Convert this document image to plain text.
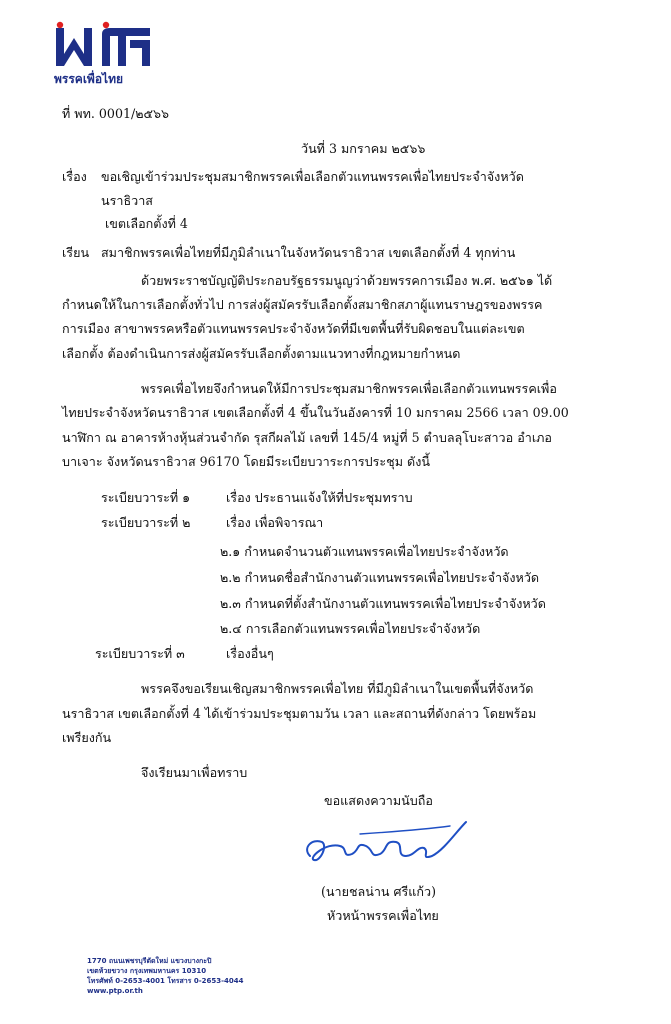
พรรคเพื่อไทย
ที่ พท. 0001/๒๕๖๖
วันที่ 3 มกราคม ๒๕๖๖
เรื่อง ขอเชิญเข้าร่วมประชุมสมาชิกพรรคเพื่อเลือกตัวแทนพรรคเพื่อไทยประจำจังหวัด
นราธิวาส
เขตเลือกตั้งที่ 4
เรียน สมาชิกพรรคเพื่อไทยที่มีภูมิลำเนาในจังหวัดนราธิวาส เขตเลือกตั้งที่ 4 ทุกท่าน
ด้วยพระราชบัญญัติประกอบรัฐธรรมนูญว่าด้วยพรรคการเมือง พ.ศ. ๒๕๖๑ ได้
กำหนดให้ในการเลือกตั้งทั่วไป การส่งผู้สมัครรับเลือกตั้งสมาชิกสภาผู้แทนราษฎรของพรรค
การเมือง สาขาพรรคหรือตัวแทนพรรคประจำจังหวัดที่มีเขตพื้นที่รับผิดชอบในแต่ละเขต
เลือกตั้ง ต้องดำเนินการส่งผู้สมัครรับเลือกตั้งตามแนวทางที่กฎหมายกำหนด
พรรคเพื่อไทยจึงกำหนดให้มีการประชุมสมาชิกพรรคเพื่อเลือกตัวแทนพรรคเพื่อ
ไทยประจำจังหวัดนราธิวาส เขตเลือกตั้งที่ 4 ขึ้นในวันอังคารที่ 10 มกราคม 2566 เวลา 09.00
นาฬิกา ณ อาคารห้างหุ้นส่วนจำกัด รุสกีผลไม้ เลขที่ 145/4 หมู่ที่ 5 ตำบลลุโบะสาวอ อำเภอ
บาเจาะ จังหวัดนราธิวาส 96170 โดยมีระเบียบวาระการประชุม ดังนี้
ระเบียบวาระที่ ๑	เรื่อง ประธานแจ้งให้ที่ประชุมทราบ
ระเบียบวาระที่ ๒	เรื่อง เพื่อพิจารณา
๒.๑ กำหนดจำนวนตัวแทนพรรคเพื่อไทยประจำจังหวัด
๒.๒ กำหนดชื่อสำนักงานตัวแทนพรรคเพื่อไทยประจำจังหวัด
๒.๓ กำหนดที่ตั้งสำนักงานตัวแทนพรรคเพื่อไทยประจำจังหวัด
๒.๔ การเลือกตัวแทนพรรคเพื่อไทยประจำจังหวัด
ระเบียบวาระที่ ๓	เรื่องอื่นๆ
พรรคจึงขอเรียนเชิญสมาชิกพรรคเพื่อไทย ที่มีภูมิลำเนาในเขตพื้นที่จังหวัด
นราธิวาส เขตเลือกตั้งที่ 4 ได้เข้าร่วมประชุมตามวัน เวลา และสถานที่ดังกล่าว โดยพร้อม
เพรียงกัน
จึงเรียนมาเพื่อทราบ
ขอแสดงความนับถือ
(นายชลน่าน ศรีแก้ว)
หัวหน้าพรรคเพื่อไทย
1770 ถนนเพชรบุรีตัดใหม่ แขวงบางกะปิ
เขตห้วยขวาง กรุงเทพมหานคร 10310
โทรศัพท์ 0-2653-4001 โทรสาร 0-2653-4044
www.ptp.or.th
